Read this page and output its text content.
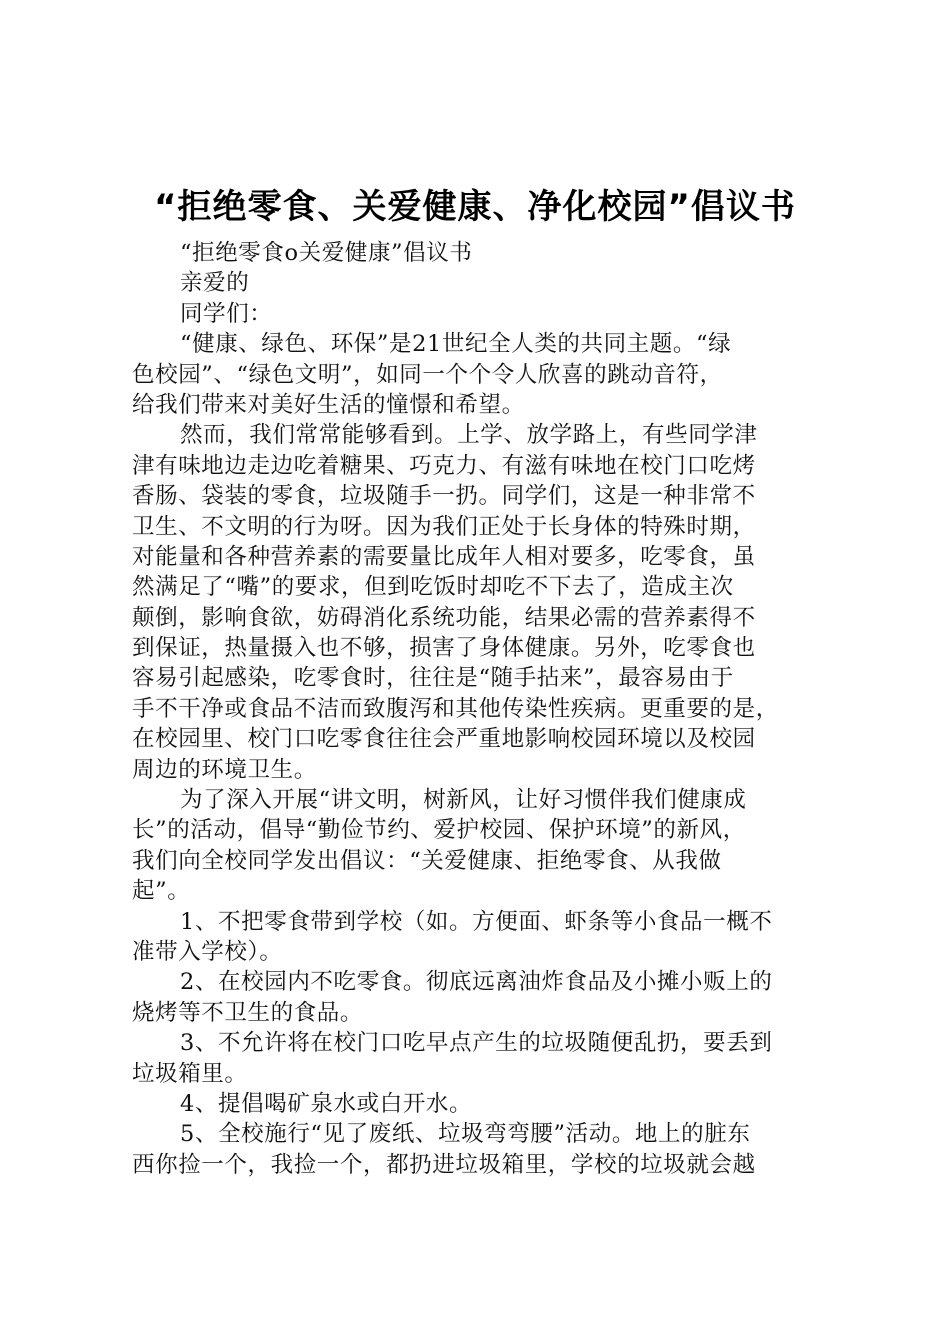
“拒绝零食、关爱健康、净化校园”倡议书
“拒绝零食o关爱健康”倡议书
亲爱的
同学们：
“健康、绿色、环保”是21世纪全人类的共同主题。“绿
色校园”、“绿色文明”，如同一个个令人欣喜的跳动音符，
给我们带来对美好生活的憧憬和希望。
然而，我们常常能够看到。上学、放学路上，有些同学津
津有味地边走边吃着糖果、巧克力、有滋有味地在校门口吃烤
香肠、袋装的零食，垃圾随手一扔。同学们，这是一种非常不
卫生、不文明的行为呀。因为我们正处于长身体的特殊时期，
对能量和各种营养素的需要量比成年人相对要多，吃零食，虽
然满足了“嘴”的要求，但到吃饭时却吃不下去了，造成主次
颠倒，影响食欲，妨碍消化系统功能，结果必需的营养素得不
到保证，热量摄入也不够，损害了身体健康。另外，吃零食也
容易引起感染，吃零食时，往往是“随手拈来”，最容易由于
手不干净或食品不洁而致腹泻和其他传染性疾病。更重要的是，
在校园里、校门口吃零食往往会严重地影响校园环境以及校园
周边的环境卫生。
为了深入开展“讲文明，树新风，让好习惯伴我们健康成
长”的活动，倡导“勤俭节约、爱护校园、保护环境”的新风，
我们向全校同学发出倡议：“关爱健康、拒绝零食、从我做
起”。
1、不把零食带到学校（如。方便面、虾条等小食品一概不
准带入学校）。
2、在校园内不吃零食。彻底远离油炸食品及小摊小贩上的
烧烤等不卫生的食品。
3、不允许将在校门口吃早点产生的垃圾随便乱扔，要丢到
垃圾箱里。
4、提倡喝矿泉水或白开水。
5、全校施行“见了废纸、垃圾弯弯腰”活动。地上的脏东
西你捡一个，我捡一个，都扔进垃圾箱里，学校的垃圾就会越
